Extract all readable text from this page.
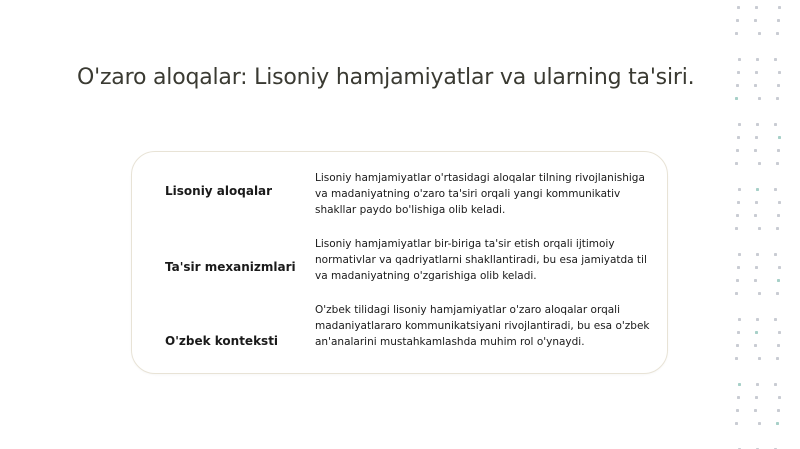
O'zaro aloqalar: Lisoniy hamjamiyatlar va ularning ta'siri.

Lisoniy aloqalar

Lisoniy hamjamiyatlar o'rtasidagi aloqalar tilning rivojlanishiga va madaniyatning o'zaro ta'siri orqali yangi kommunikativ shakllar paydo bo'lishiga olib keladi.

Ta'sir mexanizmlari

Lisoniy hamjamiyatlar bir-biriga ta'sir etish orqali ijtimoiy normativlar va qadriyatlarni shakllantiradi, bu esa jamiyatda til va madaniyatning o'zgarishiga olib keladi.

O'zbek konteksti

O'zbek tilidagi lisoniy hamjamiyatlar o'zaro aloqalar orqali madaniyatlararo kommunikatsiyani rivojlantiradi, bu esa o'zbek an'analarini mustahkamlashda muhim rol o'ynaydi.
